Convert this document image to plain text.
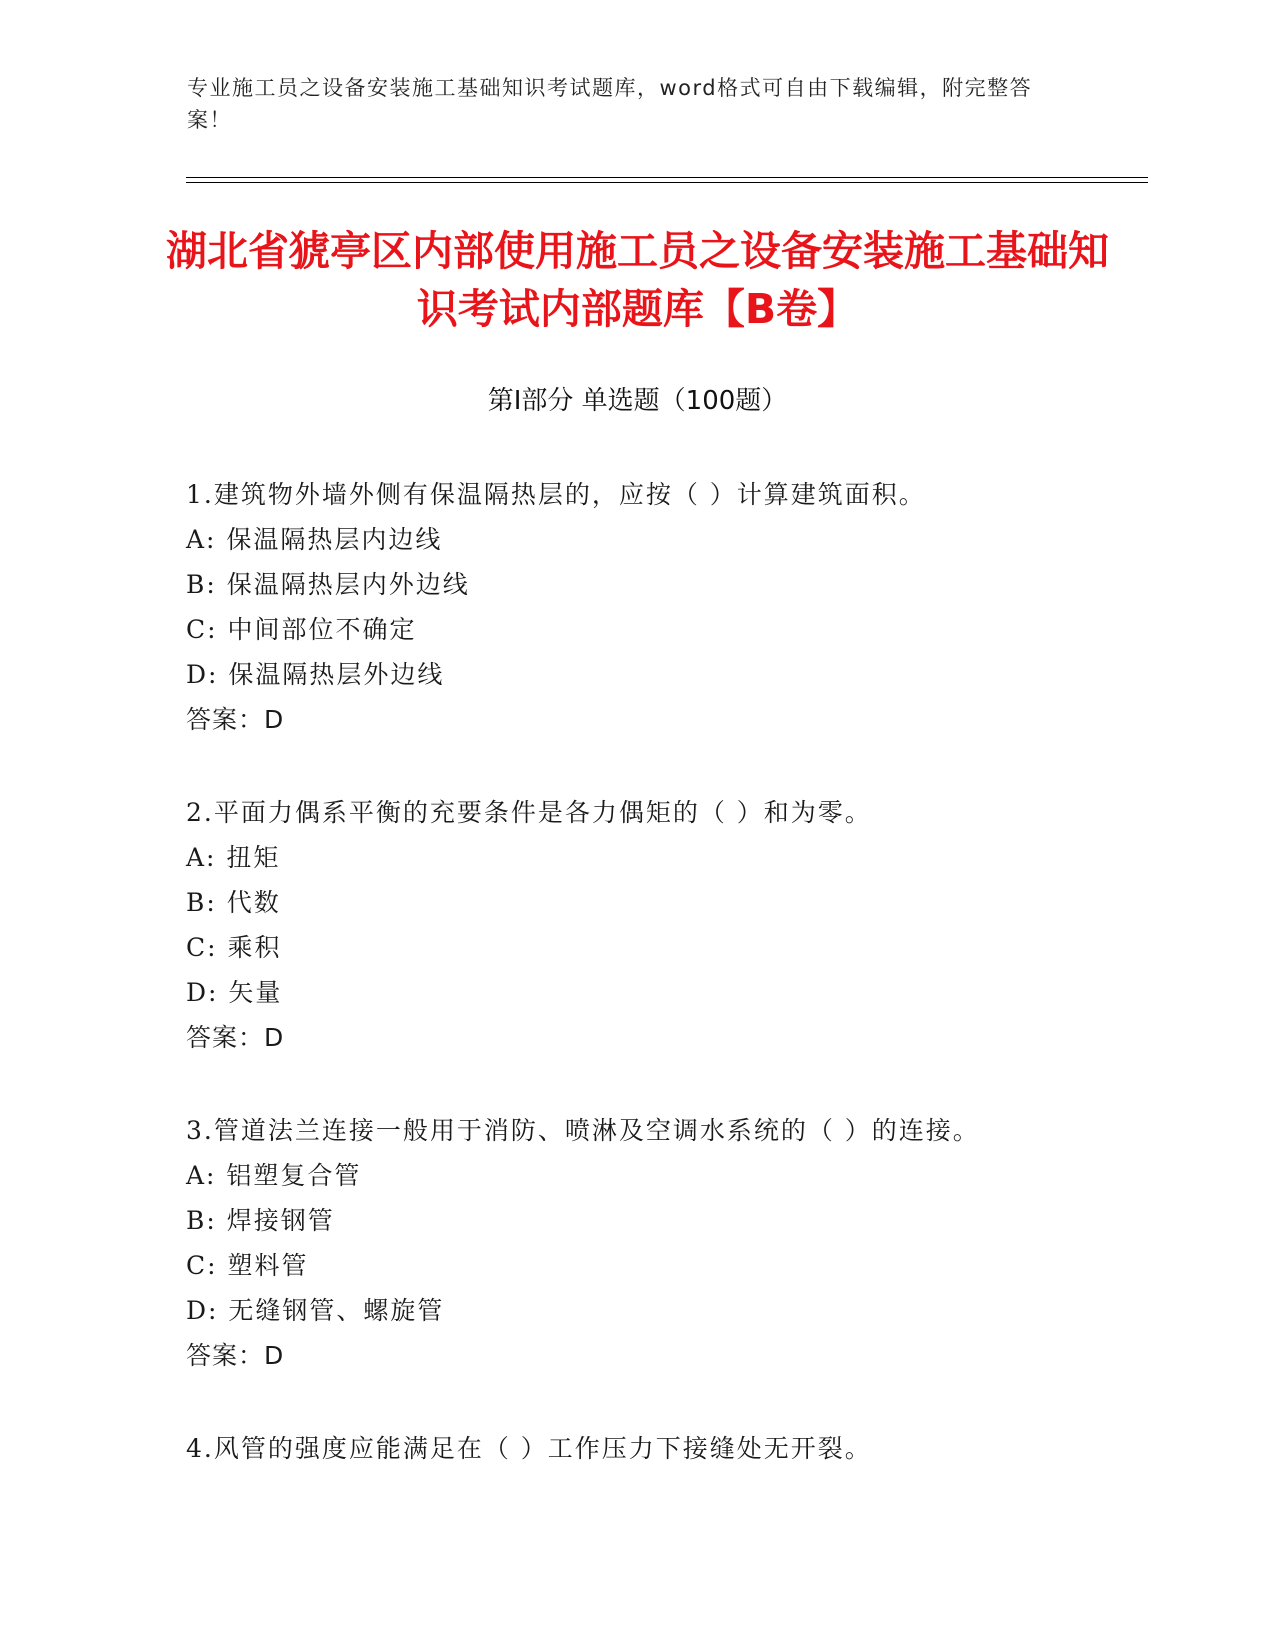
专业施工员之设备安装施工基础知识考试题库，word格式可自由下载编辑，附完整答案！
湖北省猇亭区内部使用施工员之设备安装施工基础知识考试内部题库【B卷】
第Ⅰ部分 单选题（100题）
1.建筑物外墙外侧有保温隔热层的，应按（ ）计算建筑面积。
A: 保温隔热层内边线
B: 保温隔热层内外边线
C: 中间部位不确定
D: 保温隔热层外边线
答案：D
2.平面力偶系平衡的充要条件是各力偶矩的（ ）和为零。
A: 扭矩
B: 代数
C: 乘积
D: 矢量
答案：D
3.管道法兰连接一般用于消防、喷淋及空调水系统的（ ）的连接。
A: 铝塑复合管
B: 焊接钢管
C: 塑料管
D: 无缝钢管、螺旋管
答案：D
4.风管的强度应能满足在（ ）工作压力下接缝处无开裂。
